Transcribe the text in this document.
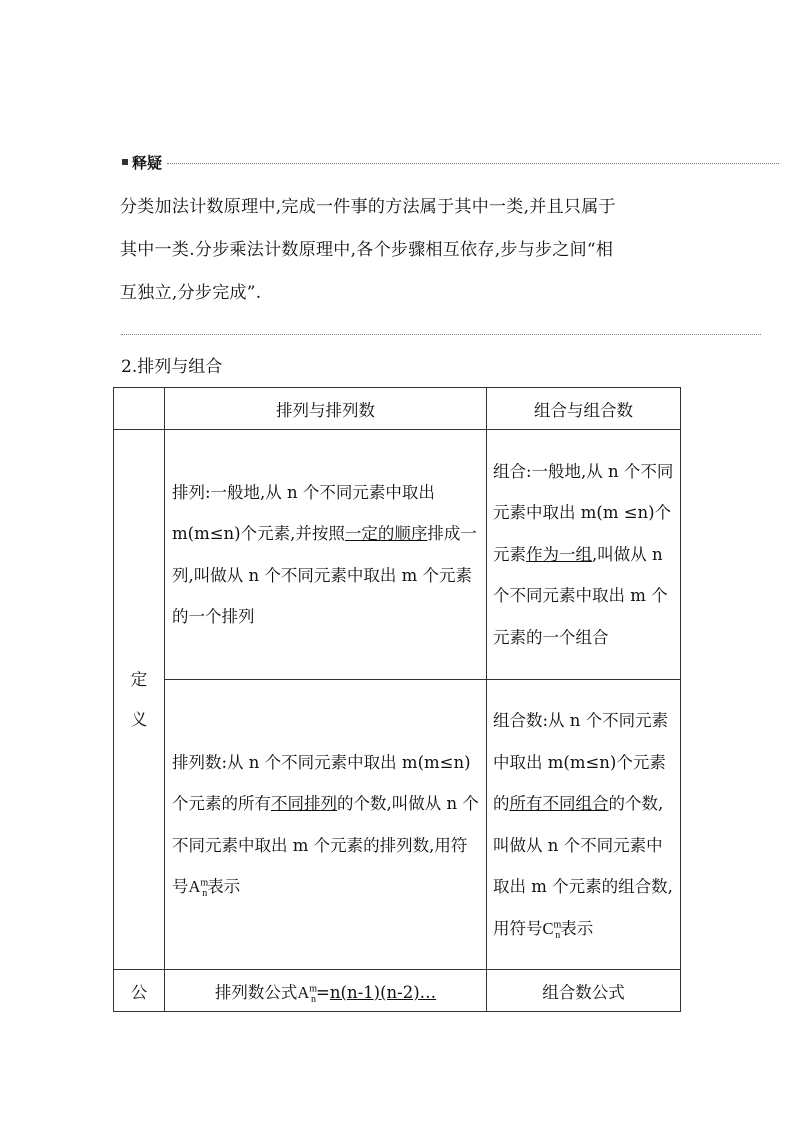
释疑
分类加法计数原理中,完成一件事的方法属于其中一类,并且只属于
其中一类.分步乘法计数原理中,各个步骤相互依存,步与步之间“相
互独立,分步完成”.
2.排列与组合
	排列与排列数	组合与组合数
定
义	排列:一般地,从 n 个不同元素中取出 m(m≤n)个元素,并按照一定的顺序排成一列,叫做从 n 个不同元素中取出 m 个元素的一个排列	组合:一般地,从 n 个不同元素中取出 m(m ≤n)个元素作为一组,叫做从 n 个不同元素中取出 m 个元素的一个组合
	排列数:从 n 个不同元素中取出 m(m≤n)个元素的所有不同排列的个数,叫做从 n 个不同元素中取出 m 个元素的排列数,用符号$A^m_n$表示	组合数:从 n 个不同元素中取出 m(m≤n)个元素的所有不同组合的个数,叫做从 n 个不同元素中取出 m 个元素的组合数,用符号$C^m_n$表示
公	排列数公式$A^m_n=n(n-1)(n-2)\dots$	组合数公式
